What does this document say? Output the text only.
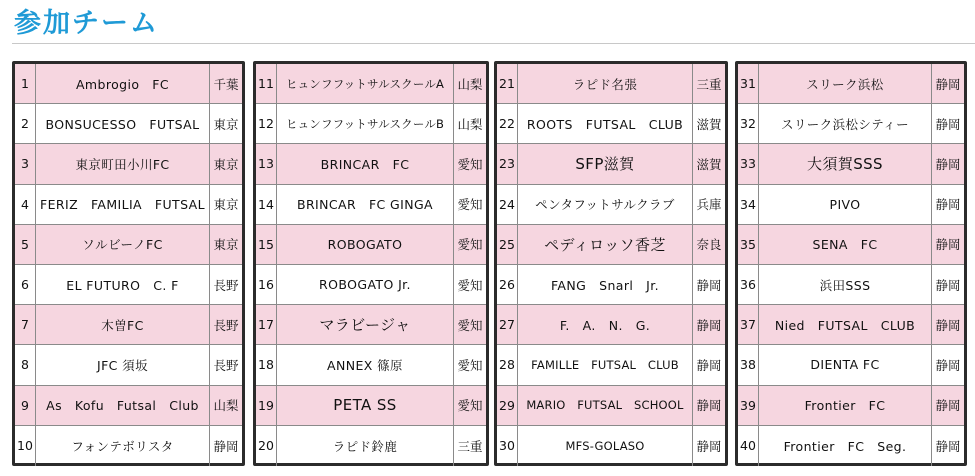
参加チーム
1	Ambrogio　FC	千葉
2	BONSUCESSO　FUTSAL	東京
3	東京町田小川FC	東京
4 FERIZ　FAMILIA　FUTSAL 東京
5	ソルビーノFC	東京
6	EL FUTURO　C. F	長野
7	木曽FC	長野
8	JFC 須坂	長野
9	As　Kofu　Futsal　Club	山梨
10	フォンテボリスタ	静岡
11	ヒュンフフットサルスクールA	山梨
12	ヒュンフフットサルスクールB	山梨
13	BRINCAR　FC	愛知
14	BRINCAR　FC GINGA	愛知
15	ROBOGATO	愛知
16	ROBOGATO Jr.	愛知
17	マラビージャ	愛知
18	ANNEX 篠原	愛知
19	PETA SS	愛知
20	ラピド鈴鹿	三重
21	ラピド名張	三重
22 ROOTS　FUTSAL　CLUB	滋賀
23	SFP滋賀	滋賀
24	ペンタフットサルクラブ	兵庫
25	ペディロッソ香芝	奈良
26	FANG　Snarl　Jr.	静岡
27	F.　A.　N.　G.	静岡
28	FAMILLE　FUTSAL　CLUB	静岡
29 MARIO　FUTSAL　SCHOOL	静岡
30	MFS-GOLASO	静岡
31	スリーク浜松	静岡
32	スリーク浜松シティー	静岡
33	大須賀SSS	静岡
34	PIVO	静岡
35	SENA　FC	静岡
36	浜田SSS	静岡
37	Nied　FUTSAL　CLUB	静岡
38	DIENTA FC	静岡
39	Frontier　FC	静岡
40	Frontier　FC　Seg.	静岡
